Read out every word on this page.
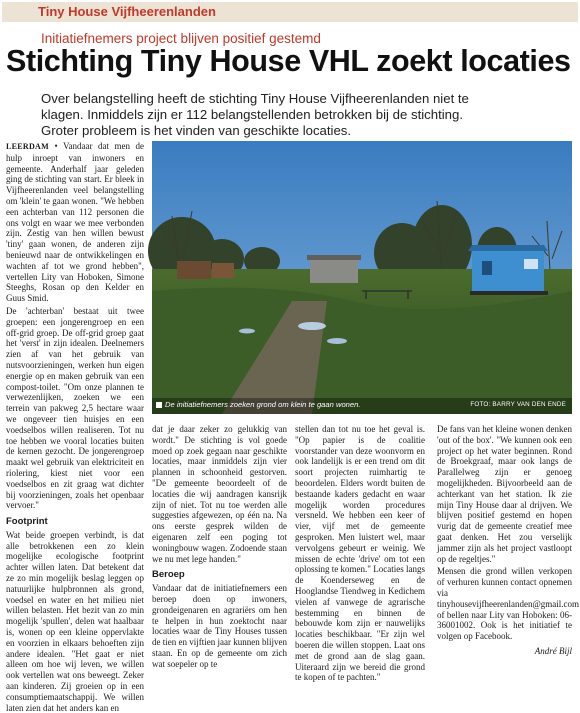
Tiny House Vijfheerenlanden
Initiatiefnemers project blijven positief gestemd
Stichting Tiny House VHL zoekt locaties

Over belangstelling heeft de stichting Tiny House Vijfheerenlanden niet te

klagen. Inmiddels zijn er 112 belangstellenden betrokken bij de stichting.

Groter probleem is het vinden van geschikte locaties.

LEERDAM • Vandaar dat men de hulp inroept van inwoners en gemeente. Anderhalf jaar geleden ging de stichting van start. Er bleek in Vijfheerenlanden veel belangstelling om 'klein' te gaan wonen. "We hebben een achterban van 112 personen die ons volgt en waar we mee verbonden zijn. Zestig van hen willen bewust 'tiny' gaan wonen, de anderen zijn benieuwd naar de ontwikkelingen en wachten af tot we grond hebben", vertellen Lity van Hoboken, Simone Steeghs, Rosan op den Kelder en Guus Smid.

De 'achterban' bestaat uit twee groepen: een jongerengroep en een off-grid groep. De off-grid groep gaat het 'verst' in zijn idealen. Deelnemers zien af van het gebruik van nutsvoorzieningen, werken hun eigen energie op en maken gebruik van een compost-toilet. "Om onze plannen te verwezenlijken, zoeken we een terrein van pakweg 2,5 hectare waar we ongeveer tien huisjes en een voedselbos willen realiseren. Tot nu toe hebben we vooral locaties buiten de kernen gezocht. De jongerengroep maakt wel gebruik van elektriciteit en riolering, kiest niet voor een voedselbos en zit graag wat dichter bij voorzieningen, zoals het openbaar vervoer."

Footprint

Wat beide groepen verbindt, is dat alle betrokkenen een zo klein mogelijke ecologische footprint achter willen laten. Dat betekent dat ze zo min mogelijk beslag leggen op natuurlijke hulpbronnen als grond, voedsel en water en het milieu niet willen belasten. Het bezit van zo min mogelijk 'spullen', delen wat haalbaar is, wonen op een kleine oppervlakte en voorzien in elkaars behoeften zijn andere idealen. "Het gaat er niet alleen om hoe wij leven, we willen ook vertellen wat ons beweegt. Zeker aan kinderen. Zij groeien op in een consumptiemaatschappij. We willen laten zien dat het anders kan en

De initiatiefnemers zoeken grond om klein te gaan wonen.	FOTO: BARRY VAN DEN ENDE

dat je daar zeker zo gelukkig van wordt." De stichting is vol goede moed op zoek gegaan naar geschikte locaties, maar inmiddels zijn vier plannen in schoonheid gestorven. "De gemeente beoordeelt of de locaties die wij aandragen kansrijk zijn of niet. Tot nu toe werden alle suggesties afgewezen, op één na. Na ons eerste gesprek wilden de eigenaren zelf een poging tot woningbouw wagen. Zodoende staan we nu met lege handen."

Beroep

Vandaar dat de initiatiefnemers een beroep doen op inwoners, grondeigenaren en agrariërs om hen te helpen in hun zoektocht naar locaties waar de Tiny Houses tussen de tien en vijftien jaar kunnen blijven staan. En op de gemeente om zich wat soepeler op te

stellen dan tot nu toe het geval is. "Op papier is de coalitie voorstander van deze woonvorm en ook landelijk is er een trend om dit soort projecten ruimhartig te beoordelen. Elders wordt buiten de bestaande kaders gedacht en waar mogelijk worden procedures versneld. We hebben een keer of vier, vijf met de gemeente gesproken. Men luistert wel, maar vervolgens gebeurt er weinig. We missen de echte 'drive' om tot een oplossing te komen." Locaties langs de Koenderseweg en de Hooglandse Tiendweg in Kedichem vielen af vanwege de agrarische bestemming en binnen de bebouwde kom zijn er nauwelijks locaties beschikbaar. "Er zijn wel boeren die willen stoppen. Laat ons met de grond aan de slag gaan. Uiteraard zijn we bereid die grond te kopen of te pachten."

De fans van het kleine wonen denken 'out of the box'. "We kunnen ook een project op het water beginnen. Rond de Broekgraaf, maar ook langs de Parallelweg zijn er genoeg mogelijkheden. Bijvoorbeeld aan de achterkant van het station. Ik zie mijn Tiny House daar al drijven. We blijven positief gestemd en hopen vurig dat de gemeente creatief mee gaat denken. Het zou verselijk jammer zijn als het project vastloopt op de regeltjes."

Mensen die grond willen verkopen of verhuren kunnen contact opnemen via tinyhousevijfheerenlanden@gmail.com of bellen naar Lity van Hoboken: 06-36001002. Ook is het initiatief te volgen op Facebook.

André Bijl
